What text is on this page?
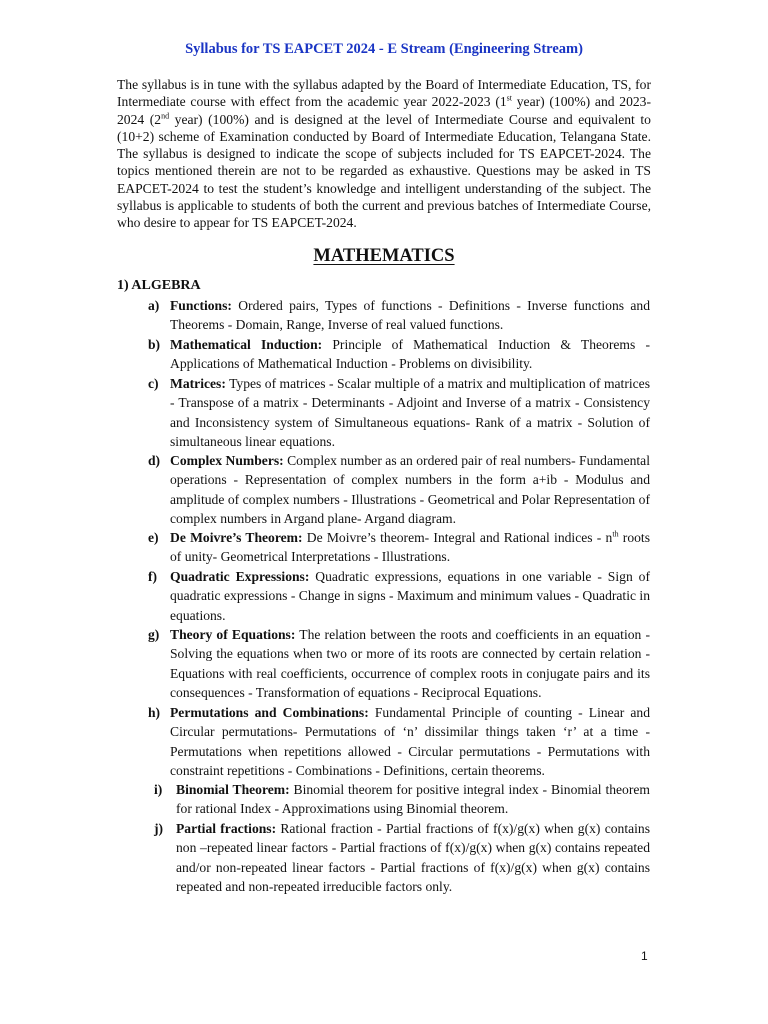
Syllabus for TS EAPCET 2024 - E Stream (Engineering Stream)
The syllabus is in tune with the syllabus adapted by the Board of Intermediate Education, TS, for Intermediate course with effect from the academic year 2022-2023 (1st year) (100%) and 2023-2024 (2nd year) (100%) and is designed at the level of Intermediate Course and equivalent to (10+2) scheme of Examination conducted by Board of Intermediate Education, Telangana State. The syllabus is designed to indicate the scope of subjects included for TS EAPCET-2024. The topics mentioned therein are not to be regarded as exhaustive. Questions may be asked in TS EAPCET-2024 to test the student’s knowledge and intelligent understanding of the subject. The syllabus is applicable to students of both the current and previous batches of Intermediate Course, who desire to appear for TS EAPCET-2024.
MATHEMATICS
1) ALGEBRA
a) Functions: Ordered pairs, Types of functions - Definitions - Inverse functions and Theorems - Domain, Range, Inverse of real valued functions.
b) Mathematical Induction: Principle of Mathematical Induction & Theorems - Applications of Mathematical Induction - Problems on divisibility.
c) Matrices: Types of matrices - Scalar multiple of a matrix and multiplication of matrices - Transpose of a matrix - Determinants - Adjoint and Inverse of a matrix - Consistency and Inconsistency system of Simultaneous equations- Rank of a matrix - Solution of simultaneous linear equations.
d) Complex Numbers: Complex number as an ordered pair of real numbers- Fundamental operations - Representation of complex numbers in the form a+ib - Modulus and amplitude of complex numbers - Illustrations - Geometrical and Polar Representation of complex numbers in Argand plane- Argand diagram.
e) De Moivre’s Theorem: De Moivre’s theorem- Integral and Rational indices - $n^{th}$ roots of unity- Geometrical Interpretations - Illustrations.
f) Quadratic Expressions: Quadratic expressions, equations in one variable - Sign of quadratic expressions - Change in signs - Maximum and minimum values - Quadratic in equations.
g) Theory of Equations: The relation between the roots and coefficients in an equation - Solving the equations when two or more of its roots are connected by certain relation - Equations with real coefficients, occurrence of complex roots in conjugate pairs and its consequences - Transformation of equations - Reciprocal Equations.
h) Permutations and Combinations: Fundamental Principle of counting - Linear and Circular permutations- Permutations of ‘n’ dissimilar things taken ‘r’ at a time - Permutations when repetitions allowed - Circular permutations - Permutations with constraint repetitions - Combinations - Definitions, certain theorems.
i)	Binomial Theorem: Binomial theorem for positive integral index - Binomial theorem for rational Index - Approximations using Binomial theorem.
j) Partial fractions: Rational fraction - Partial fractions of f(x)/g(x) when g(x) contains non –repeated linear factors - Partial fractions of f(x)/g(x) when g(x) contains repeated and/or non-repeated linear factors - Partial fractions of f(x)/g(x) when g(x) contains repeated and non-repeated irreducible factors only.
1
